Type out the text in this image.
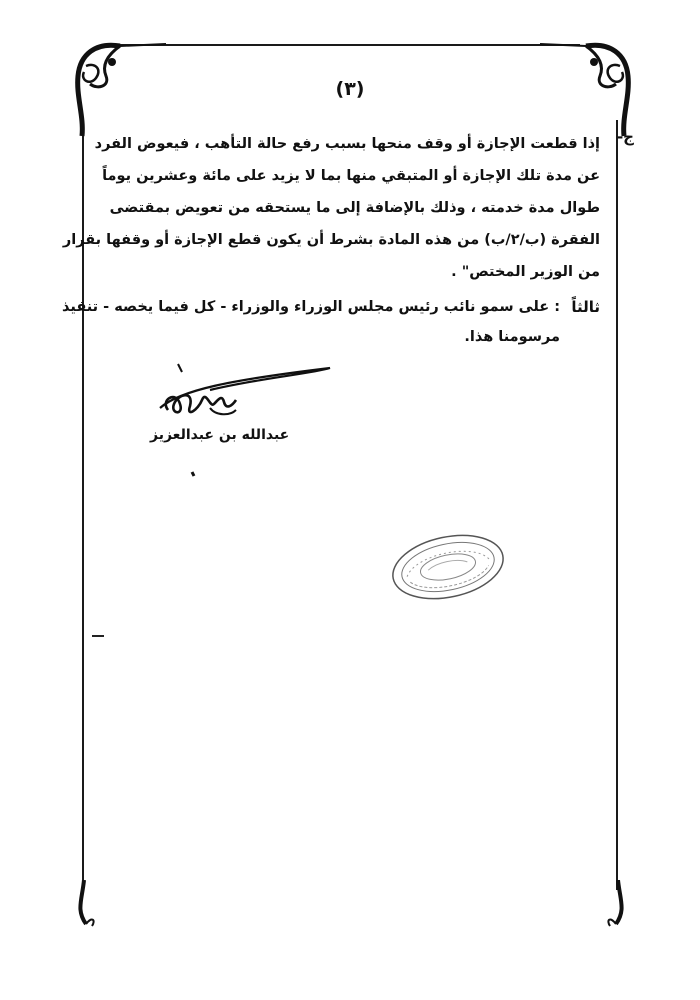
(٣)
ج-
إذا قطعت الإجازة أو وقف منحها بسبب رفع حالة التأهب ، فيعوض الفرد
عن مدة تلك الإجازة أو المتبقي منها بما لا يزيد على مائة وعشرين يوماً
طوال مدة خدمته ، وذلك بالإضافة إلى ما يستحقه من تعويض بمقتضى
الفقرة (ب/٢/ب) من هذه المادة بشرط أن يكون قطع الإجازة أو وقفها بقرار
من الوزير المختص" .
ثالثاً
: على سمو نائب رئيس مجلس الوزراء والوزراء - كل فيما يخصه - تنفيذ
مرسومنا هذا.
عبدالله بن عبدالعزيز
